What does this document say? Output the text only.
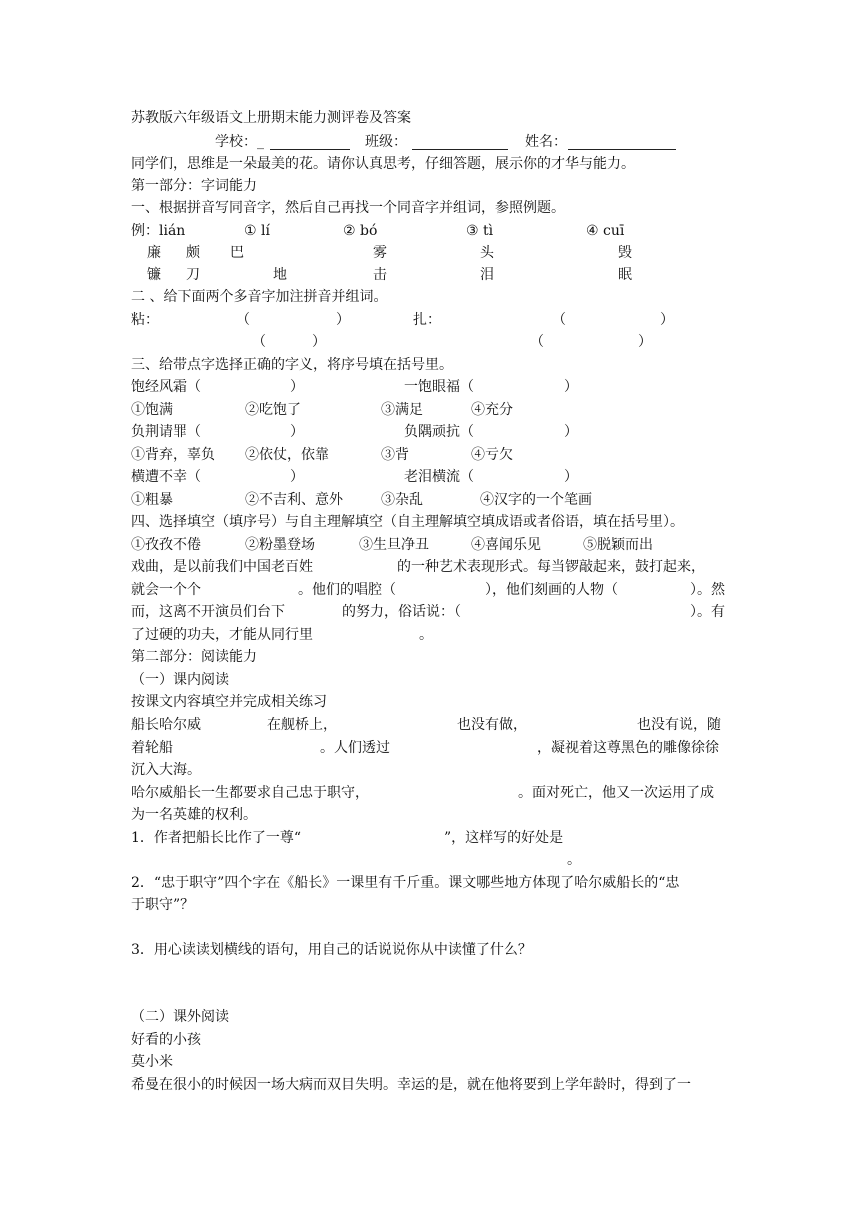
苏教版六年级语文上册期末能力测评卷及答案
学校：_	班级：	姓名：
同学们，思维是一朵最美的花。请你认真思考，仔细答题，展示你的才华与能力。
第一部分：字词能力
一、根据拼音写同音字，然后自己再找一个同音字并组词，参照例题。
例：lián	① lí	② bó	③ tì	④ cuī
廉 颇 巴	雾	头	毁
镰 刀	地	击	泪	眠
二 、给下面两个多音字加注拼音并组词。
粘：	（	）	扎：	（	）
（	）	（	）
三、给带点字选择正确的字义，将序号填在括号里。
饱经风霜（	）	一饱眼福（	）
①饱满	②吃饱了	③满足	④充分
负荆请罪（	）	负隅顽抗（	）
①背弃，辜负 ②依仗，依靠	③背	④亏欠
横遭不幸（	）	老泪横流（	）
①粗暴	②不吉利、意外	③杂乱	④汉字的一个笔画
四、选择填空（填序号）与自主理解填空（自主理解填空填成语或者俗语，填在括号里）。
①孜孜不倦	②粉墨登场	③生旦净丑	④喜闻乐见	⑤脱颖而出
戏曲，是以前我们中国老百姓	的一种艺术表现形式。每当锣敲起来，鼓打起来，
就会一个个	。他们的唱腔（	），他们刻画的人物（	）。然
而，这离不开演员们台下	的努力，俗话说：（	）。有
了过硬的功夫，才能从同行里	。
第二部分：阅读能力
（一）课内阅读
按课文内容填空并完成相关练习
船长哈尔威	在舰桥上，	也没有做，	也没有说，随
着轮船	。人们透过	，凝视着这尊黑色的雕像徐徐
沉入大海。
哈尔威船长一生都要求自己忠于职守，	。面对死亡，他又一次运用了成
为一名英雄的权利。
1．作者把船长比作了一尊“	”，这样写的好处是
。
2．“忠于职守”四个字在《船长》一课里有千斤重。课文哪些地方体现了哈尔威船长的“忠
于职守”？
3．用心读读划横线的语句，用自己的话说说你从中读懂了什么？
（二）课外阅读
好看的小孩
莫小米
希曼在很小的时候因一场大病而双目失明。幸运的是，就在他将要到上学年龄时，得到了一
